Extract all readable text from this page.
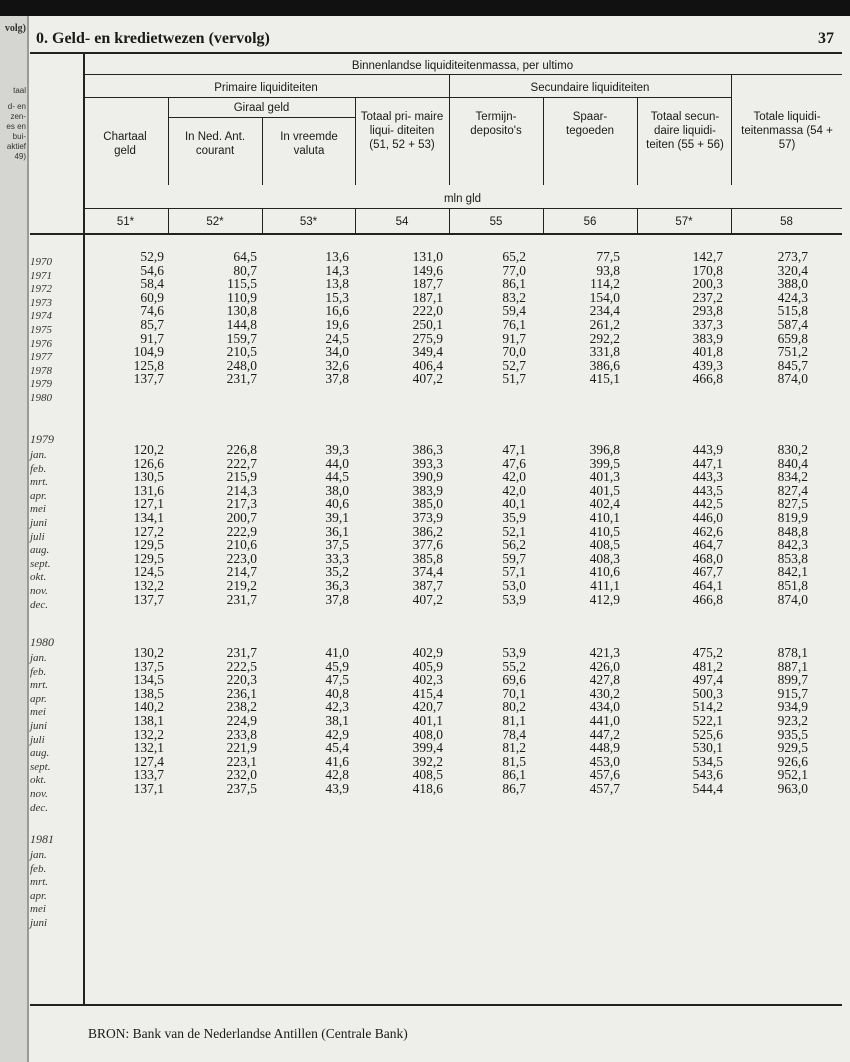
volg)
taal
d- en
zen-
es en
bui-
aktief
49)
0. Geld- en kredietwezen (vervolg)	37
Binnenlandse liquiditeitenmassa, per ultimo
Primaire liquiditeiten	Secundaire liquiditeiten
Giraal geld
Chartaal geld
In Ned. Ant. courant
In vreemde valuta
Totaal pri- maire liqui- diteiten (51, 52 + 53)
Termijn- deposito's
Spaar- tegoeden
Totaal secun- daire liquidi- teiten (55 + 56)
Totale liquidi- teitenmassa (54 + 57)
mln gld
51*	52*	53*	54	55	56	57*	58
1970	52,9	64,5	13,6	131,0	65,2	77,5	142,7	273,7
1971	54,6	80,7	14,3	149,6	77,0	93,8	170,8	320,4
1972	58,4	115,5	13,8	187,7	86,1	114,2	200,3	388,0
1973	60,9	110,9	15,3	187,1	83,2	154,0	237,2	424,3
1974	74,6	130,8	16,6	222,0	59,4	234,4	293,8	515,8
1975	85,7	144,8	19,6	250,1	76,1	261,2	337,3	587,4
1976	91,7	159,7	24,5	275,9	91,7	292,2	383,9	659,8
1977	104,9	210,5	34,0	349,4	70,0	331,8	401,8	751,2
1978	125,8	248,0	32,6	406,4	52,7	386,6	439,3	845,7
1979	137,7	231,7	37,8	407,2	51,7	415,1	466,8	874,0
1980
1979
jan.	120,2	226,8	39,3	386,3	47,1	396,8	443,9	830,2
feb.	126,6	222,7	44,0	393,3	47,6	399,5	447,1	840,4
mrt.	130,5	215,9	44,5	390,9	42,0	401,3	443,3	834,2
apr.	131,6	214,3	38,0	383,9	42,0	401,5	443,5	827,4
mei	127,1	217,3	40,6	385,0	40,1	402,4	442,5	827,5
juni	134,1	200,7	39,1	373,9	35,9	410,1	446,0	819,9
juli	127,2	222,9	36,1	386,2	52,1	410,5	462,6	848,8
aug.	129,5	210,6	37,5	377,6	56,2	408,5	464,7	842,3
sept.	129,5	223,0	33,3	385,8	59,7	408,3	468,0	853,8
okt.	124,5	214,7	35,2	374,4	57,1	410,6	467,7	842,1
nov.	132,2	219,2	36,3	387,7	53,0	411,1	464,1	851,8
dec.	137,7	231,7	37,8	407,2	53,9	412,9	466,8	874,0
1980
jan.	130,2	231,7	41,0	402,9	53,9	421,3	475,2	878,1
feb.	137,5	222,5	45,9	405,9	55,2	426,0	481,2	887,1
mrt.	134,5	220,3	47,5	402,3	69,6	427,8	497,4	899,7
apr.	138,5	236,1	40,8	415,4	70,1	430,2	500,3	915,7
mei	140,2	238,2	42,3	420,7	80,2	434,0	514,2	934,9
juni	138,1	224,9	38,1	401,1	81,1	441,0	522,1	923,2
juli	132,2	233,8	42,9	408,0	78,4	447,2	525,6	935,5
aug.	132,1	221,9	45,4	399,4	81,2	448,9	530,1	929,5
sept.	127,4	223,1	41,6	392,2	81,5	453,0	534,5	926,6
okt.	133,7	232,0	42,8	408,5	86,1	457,6	543,6	952,1
nov.	137,1	237,5	43,9	418,6	86,7	457,7	544,4	963,0
dec.
1981
jan.
feb.
mrt.
apr.
mei
juni
BRON: Bank van de Nederlandse Antillen (Centrale Bank)
